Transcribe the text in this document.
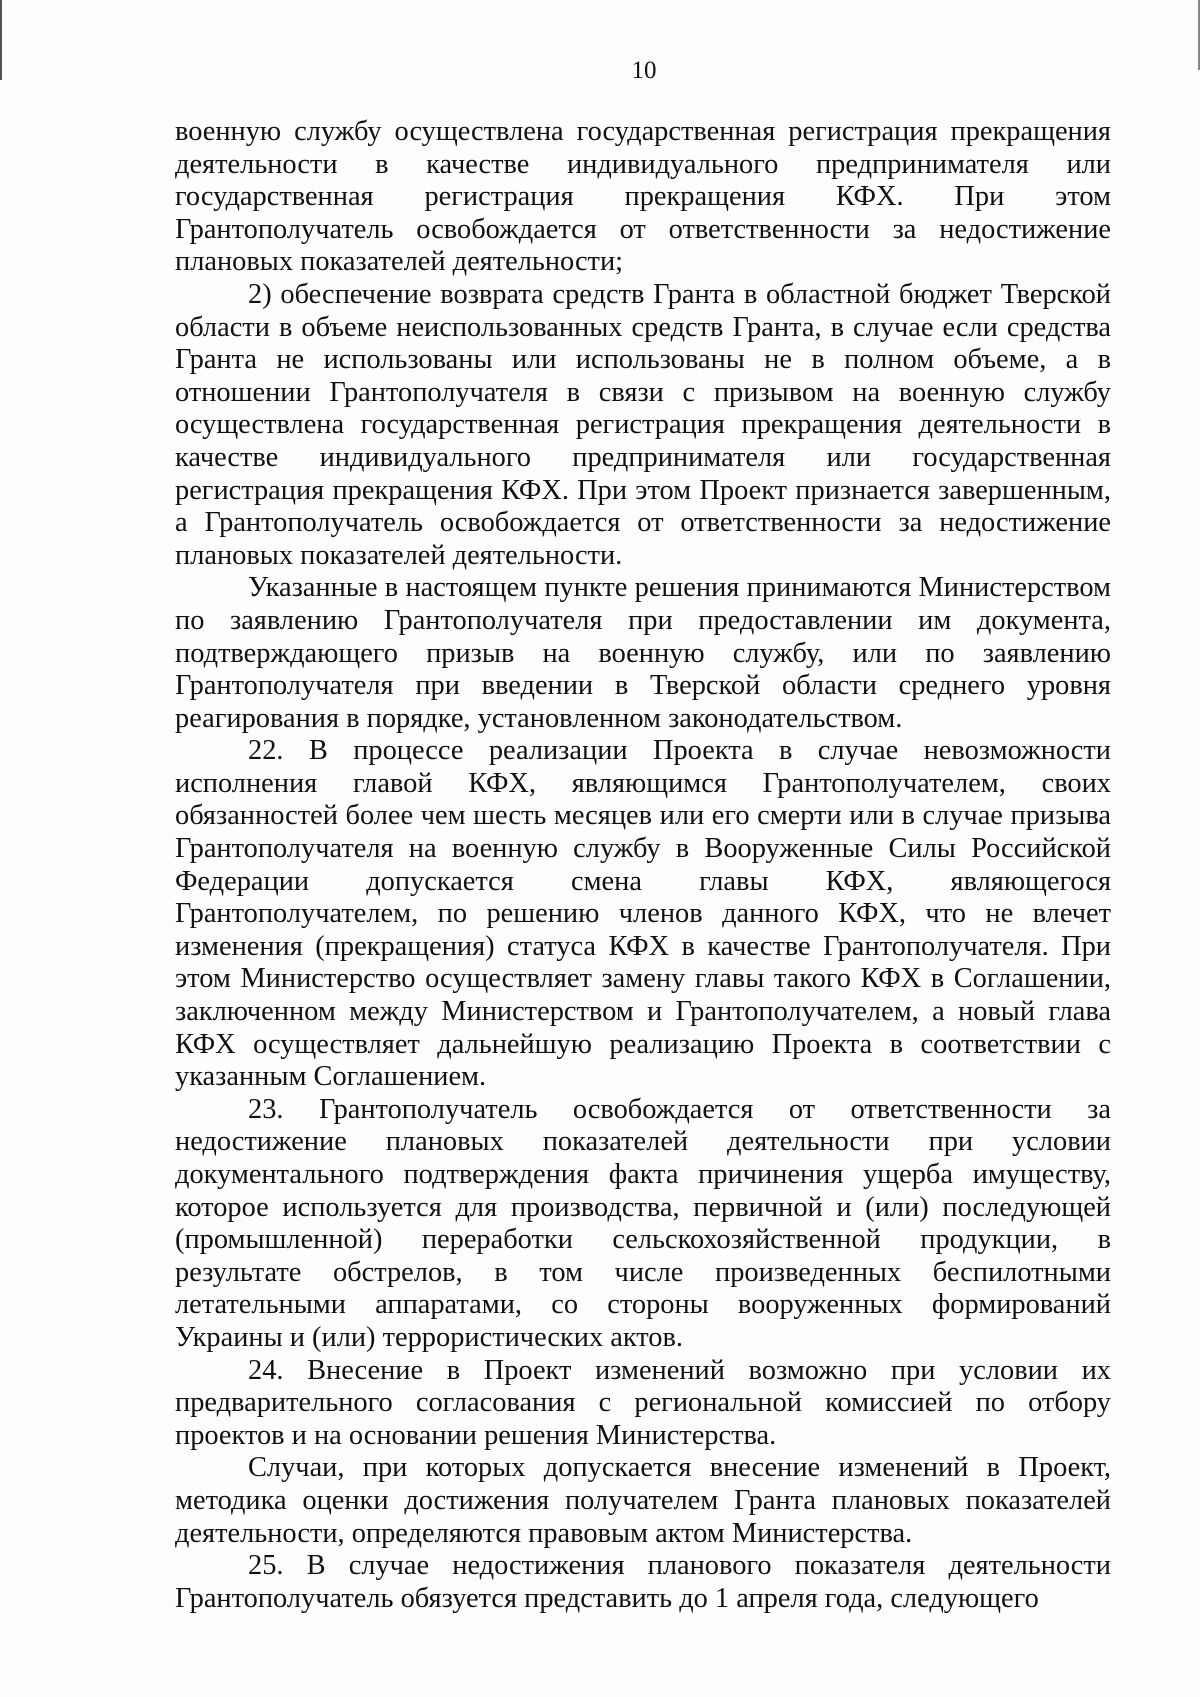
10

военную службу осуществлена государственная регистрация прекращения деятельности в качестве индивидуального предпринимателя или государственная регистрация прекращения КФХ. При этом Грантополучатель освобождается от ответственности за недостижение плановых показателей деятельности;

2) обеспечение возврата средств Гранта в областной бюджет Тверской области в объеме неиспользованных средств Гранта, в случае если средства Гранта не использованы или использованы не в полном объеме, а в отношении Грантополучателя в связи с призывом на военную службу осуществлена государственная регистрация прекращения деятельности в качестве индивидуального предпринимателя или государственная регистрация прекращения КФХ. При этом Проект признается завершенным, а Грантополучатель освобождается от ответственности за недостижение плановых показателей деятельности.

Указанные в настоящем пункте решения принимаются Министерством по заявлению Грантополучателя при предоставлении им документа, подтверждающего призыв на военную службу, или по заявлению Грантополучателя при введении в Тверской области среднего уровня реагирования в порядке, установленном законодательством.

22. В процессе реализации Проекта в случае невозможности исполнения главой КФХ, являющимся Грантополучателем, своих обязанностей более чем шесть месяцев или его смерти или в случае призыва Грантополучателя на военную службу в Вооруженные Силы Российской Федерации допускается смена главы КФХ, являющегося Грантополучателем, по решению членов данного КФХ, что не влечет изменения (прекращения) статуса КФХ в качестве Грантополучателя. При этом Министерство осуществляет замену главы такого КФХ в Соглашении, заключенном между Министерством и Грантополучателем, а новый глава КФХ осуществляет дальнейшую реализацию Проекта в соответствии с указанным Соглашением.

23. Грантополучатель освобождается от ответственности за недостижение плановых показателей деятельности при условии документального подтверждения факта причинения ущерба имуществу, которое используется для производства, первичной и (или) последующей (промышленной) переработки сельскохозяйственной продукции, в результате обстрелов, в том числе произведенных беспилотными летательными аппаратами, со стороны вооруженных формирований Украины и (или) террористических актов.

24. Внесение в Проект изменений возможно при условии их предварительного согласования с региональной комиссией по отбору проектов и на основании решения Министерства.

Случаи, при которых допускается внесение изменений в Проект, методика оценки достижения получателем Гранта плановых показателей деятельности, определяются правовым актом Министерства.

25. В случае недостижения планового показателя деятельности Грантополучатель обязуется представить до 1 апреля года, следующего
